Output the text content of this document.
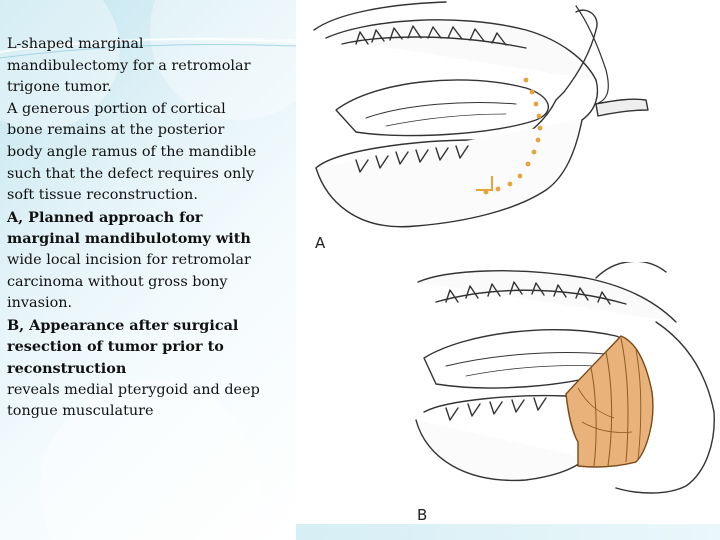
L-shaped marginal
mandibulectomy for a retromolar
trigone tumor.
A generous portion of cortical
bone remains at the posterior
body angle ramus of the mandible
such that the defect requires only
soft tissue reconstruction.
A, Planned approach for
marginal mandibulotomy with
wide local incision for retromolar
carcinoma without gross bony
invasion.
B, Appearance after surgical
resection of tumor prior to
reconstruction
reveals medial pterygoid and deep
tongue musculature
A
B
